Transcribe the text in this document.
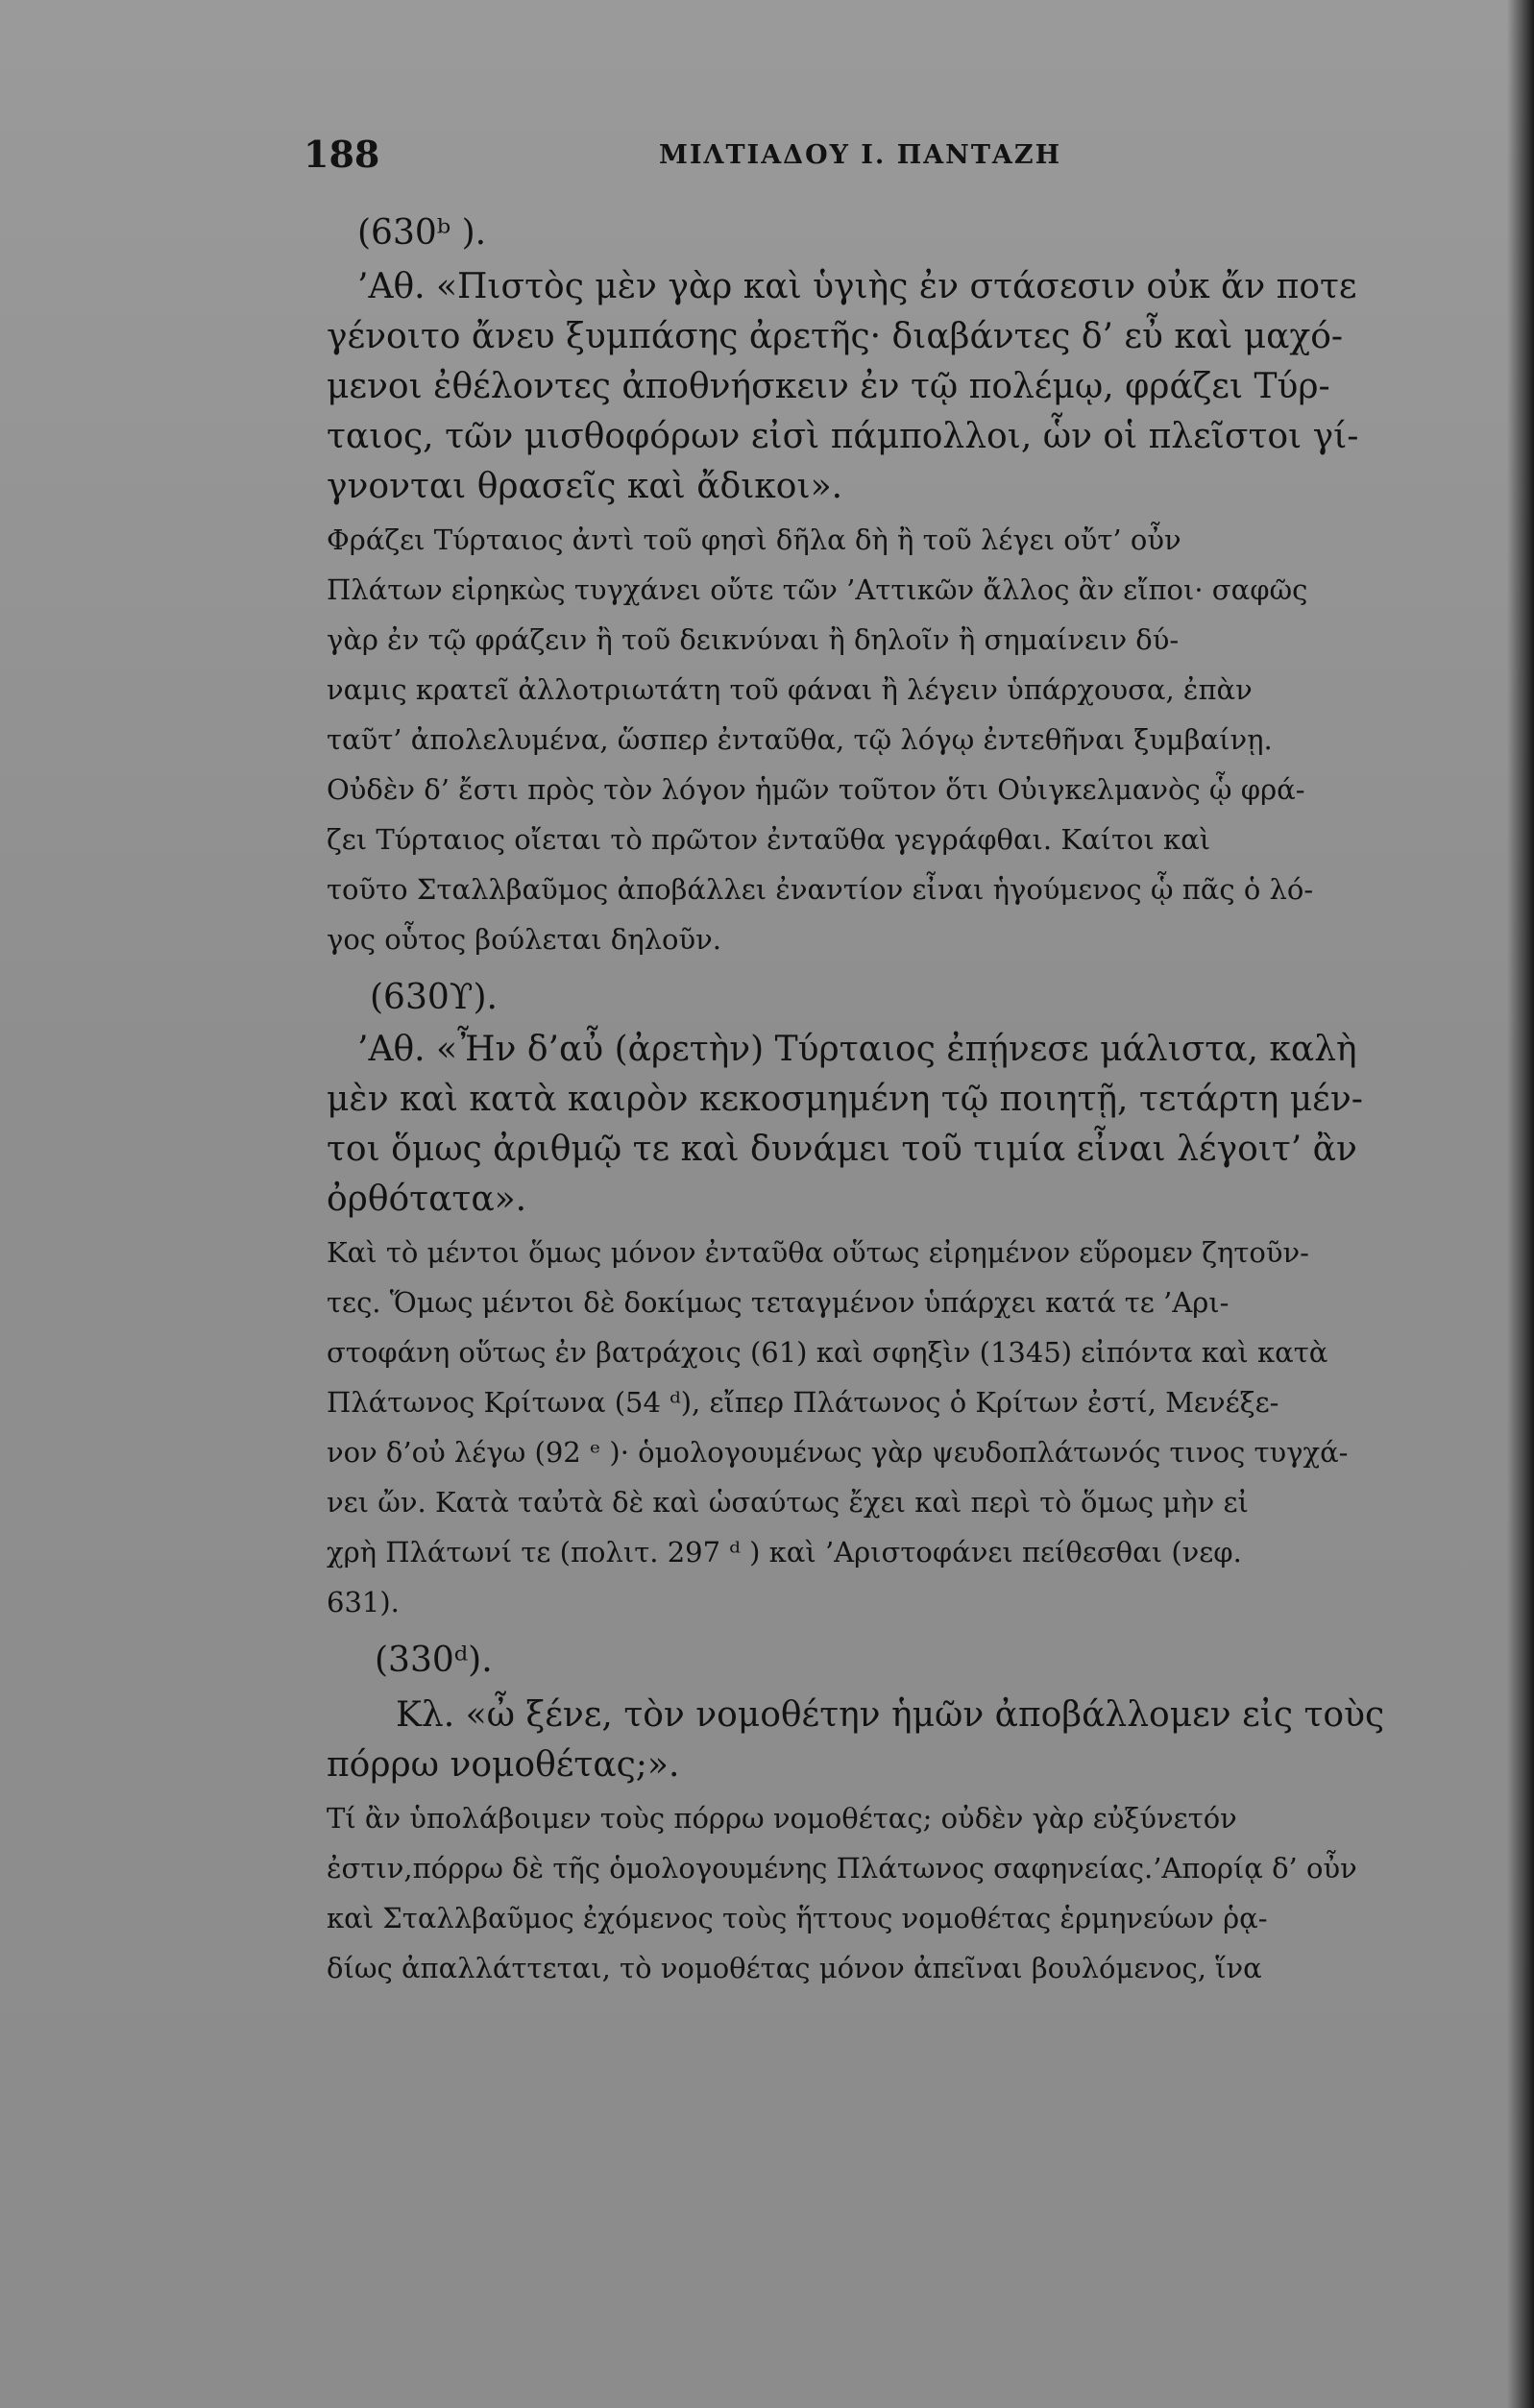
188	ΜΙΛΤΙΑΔΟΥ Ι. ΠΑΝΤΑΖΗ
(630ᵇ ).
’Αθ. «Πιστὸς μὲν γὰρ καὶ ὑγιὴς ἐν στάσεσιν οὐκ ἄν ποτε
γένοιτο ἄνευ ξυμπάσης ἀρετῆς· διαβάντες δ’ εὖ καὶ μαχό-
μενοι ἐθέλοντες ἀποθνήσκειν ἐν τῷ πολέμῳ, φράζει Τύρ-
ταιος, τῶν μισθοφόρων εἰσὶ πάμπολλοι, ὧν οἱ πλεῖστοι γί-
γνονται θρασεῖς καὶ ἄδικοι».
Φράζει Τύρταιος ἀντὶ τοῦ φησὶ δῆλα δὴ ἢ τοῦ λέγει οὔτ’ οὖν
Πλάτων εἰρηκὼς τυγχάνει οὔτε τῶν ’Αττικῶν ἄλλος ἂν εἴποι· σαφῶς
γὰρ ἐν τῷ φράζειν ἢ τοῦ δεικνύναι ἢ δηλοῖν ἢ σημαίνειν δύ-
ναμις κρατεῖ ἀλλοτριωτάτη τοῦ φάναι ἢ λέγειν ὑπάρχουσα, ἐπὰν
ταῦτ’ ἀπολελυμένα, ὥσπερ ἐνταῦθα, τῷ λόγῳ ἐντεθῆναι ξυμβαίνῃ.
Οὐδὲν δ’ ἔστι πρὸς τὸν λόγον ἡμῶν τοῦτον ὅτι Οὐιγκελμανὸς ᾧ φρά-
ζει Τύρταιος οἴεται τὸ πρῶτον ἐνταῦθα γεγράφθαι. Καίτοι καὶ
τοῦτο Σταλλβαῦμος ἀποβάλλει ἐναντίον εἶναι ἡγούμενος ᾧ πᾶς ὁ λό-
γος οὗτος βούλεται δηλοῦν.
(630ϒ).
’Αθ. «Ἦν δ’αὖ (ἀρετὴν) Τύρταιος ἐπῄνεσε μάλιστα, καλὴ
μὲν καὶ κατὰ καιρὸν κεκοσμημένη τῷ ποιητῇ, τετάρτη μέν-
τοι ὅμως ἀριθμῷ τε καὶ δυνάμει τοῦ τιμία εἶναι λέγοιτ’ ἂν
ὀρθότατα».
Καὶ τὸ μέντοι ὅμως μόνον ἐνταῦθα οὕτως εἰρημένον εὕρομεν ζητοῦν-
τες. Ὅμως μέντοι δὲ δοκίμως τεταγμένον ὑπάρχει κατά τε ’Αρι-
στοφάνη οὕτως ἐν βατράχοις (61) καὶ σφηξὶν (1345) εἰπόντα καὶ κατὰ
Πλάτωνος Κρίτωνα (54 ᵈ), εἴπερ Πλάτωνος ὁ Κρίτων ἐστί, Μενέξε-
νον δ’οὐ λέγω (92 ᵉ )· ὁμολογουμένως γὰρ ψευδοπλάτωνός τινος τυγχά-
νει ὤν. Κατὰ ταὐτὰ δὲ καὶ ὡσαύτως ἔχει καὶ περὶ τὸ ὅμως μὴν εἰ
χρὴ Πλάτωνί τε (πολιτ. 297 ᵈ ) καὶ ’Αριστοφάνει πείθεσθαι (νεφ.
631).
(330ᵈ).
Κλ. «ὦ ξένε, τὸν νομοθέτην ἡμῶν ἀποβάλλομεν εἰς τοὺς
πόρρω νομοθέτας;».
Τί ἂν ὑπολάβοιμεν τοὺς πόρρω νομοθέτας; οὐδὲν γὰρ εὐξύνετόν
ἐστιν,πόρρω δὲ τῆς ὁμολογουμένης Πλάτωνος σαφηνείας.’Απορίᾳ δ’ οὖν
καὶ Σταλλβαῦμος ἐχόμενος τοὺς ἥττους νομοθέτας ἑρμηνεύων ῥᾳ-
δίως ἀπαλλάττεται, τὸ νομοθέτας μόνον ἀπεῖναι βουλόμενος, ἵνα
